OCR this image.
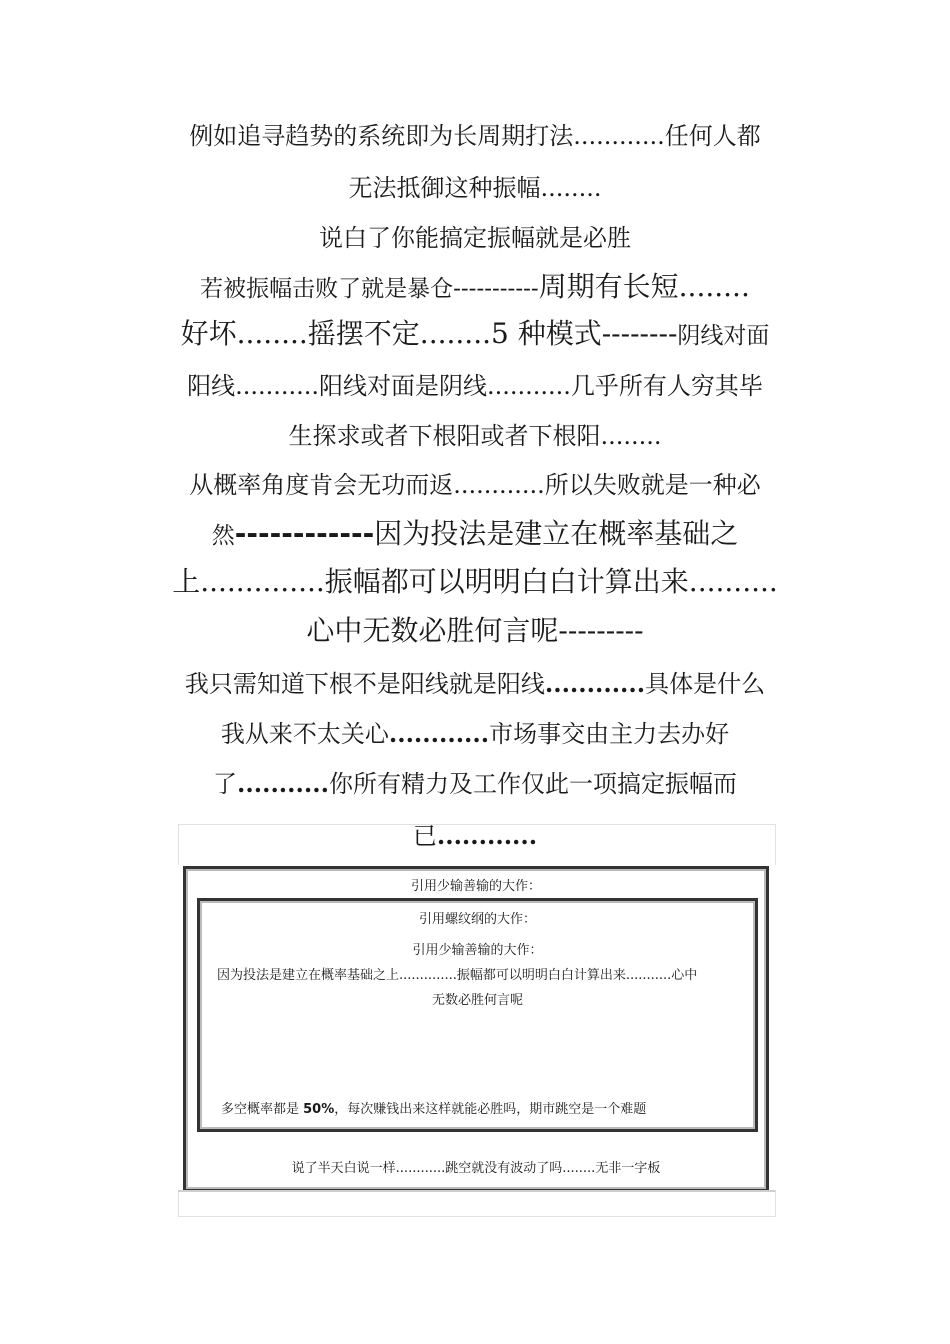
例如追寻趋势的系统即为长周期打法............任何人都
无法抵御这种振幅........
说白了你能搞定振幅就是必胜
若被振幅击败了就是暴仓-----------周期有长短........
好坏........摇摆不定........5 种模式--------阴线对面
阳线...........阳线对面是阴线...........几乎所有人穷其毕
生探求或者下根阳或者下根阳........
从概率角度肯会无功而返............所以失败就是一种必
然------------因为投法是建立在概率基础之
上..............振幅都可以明明白白计算出来..........
心中无数必胜何言呢---------
我只需知道下根不是阳线就是阳线............具体是什么
我从来不太关心............市场事交由主力去办好
了...........你所有精力及工作仅此一项搞定振幅而
已............
引用少输善输的大作：
引用螺纹纲的大作：
引用少输善输的大作：
因为投法是建立在概率基础之上..............振幅都可以明明白白计算出来...........心中
无数必胜何言呢
多空概率都是 50%，每次赚钱出来这样就能必胜吗，期市跳空是一个难题
说了半天白说一样............跳空就没有波动了吗........无非一字板
